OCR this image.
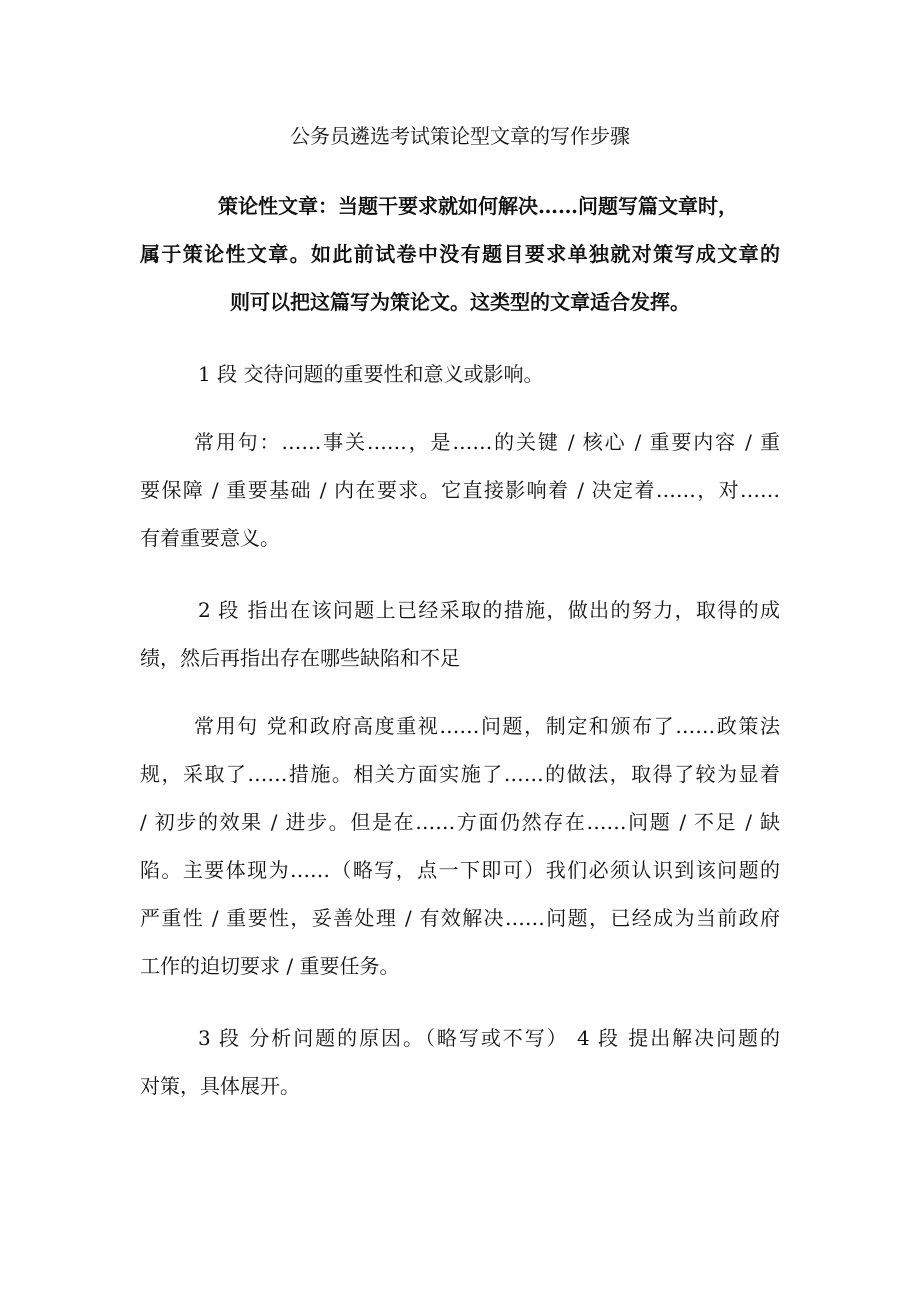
公务员遴选考试策论型文章的写作步骤
策论性文章：当题干要求就如何解决……问题写篇文章时，
属于策论性文章。如此前试卷中没有题目要求单独就对策写成文章的
则可以把这篇写为策论文。这类型的文章适合发挥。
1 段 交待问题的重要性和意义或影响。
常用句：……事关……，是……的关键 / 核心 / 重要内容 / 重
要保障 / 重要基础 / 内在要求。它直接影响着 / 决定着……，对……
有着重要意义。
2 段 指出在该问题上已经采取的措施，做出的努力，取得的成
绩，然后再指出存在哪些缺陷和不足
常用句 党和政府高度重视……问题，制定和颁布了……政策法
规，采取了……措施。相关方面实施了……的做法，取得了较为显着
/ 初步的效果 / 进步。但是在……方面仍然存在……问题 / 不足 / 缺
陷。主要体现为……（略写，点一下即可）我们必须认识到该问题的
严重性 / 重要性，妥善处理 / 有效解决……问题，已经成为当前政府
工作的迫切要求 / 重要任务。
3 段 分析问题的原因。（略写或不写） 4 段 提出解决问题的
对策，具体展开。
